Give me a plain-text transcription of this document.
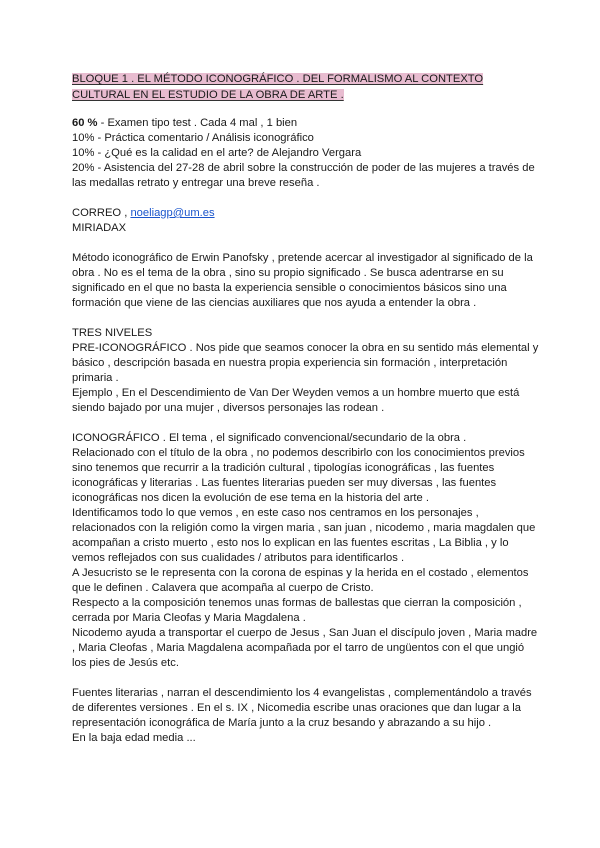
BLOQUE 1 . EL MÉTODO ICONOGRÁFICO . DEL FORMALISMO AL CONTEXTO CULTURAL EN EL ESTUDIO DE LA OBRA DE ARTE .

60 % - Examen tipo test . Cada 4 mal , 1 bien

10% - Práctica comentario / Análisis iconográfico

10% - ¿Qué es la calidad en el arte? de Alejandro Vergara

20% - Asistencia del 27-28 de abril sobre la construcción de poder de las mujeres a través de las medallas retrato y entregar una breve reseña .

CORREO , noeliagp@um.es

MIRIADAX

Método iconográfico de Erwin Panofsky , pretende acercar al investigador al significado de la obra . No es el tema de la obra , sino su propio significado . Se busca adentrarse en su significado en el que no basta la experiencia sensible o conocimientos básicos sino una formación que viene de las ciencias auxiliares que nos ayuda a entender la obra .

TRES NIVELES

PRE-ICONOGRÁFICO . Nos pide que seamos conocer la obra en su sentido más elemental y básico , descripción basada en nuestra propia experiencia sin formación , interpretación primaria .

Ejemplo , En el Descendimiento de Van Der Weyden vemos a un hombre muerto que está siendo bajado por una mujer , diversos personajes las rodean .

ICONOGRÁFICO . El tema , el significado convencional/secundario de la obra .

Relacionado con el título de la obra , no podemos describirlo con los conocimientos previos sino tenemos que recurrir a la tradición cultural , tipologías iconográficas , las fuentes iconográficas y literarias . Las fuentes literarias pueden ser muy diversas , las fuentes iconográficas nos dicen la evolución de ese tema en la historia del arte .

Identificamos todo lo que vemos , en este caso nos centramos en los personajes , relacionados con la religión como la virgen maria , san juan , nicodemo , maria magdalen que acompañan a cristo muerto , esto nos lo explican en las fuentes escritas , La Biblia , y lo vemos reflejados con sus cualidades / atributos para identificarlos .

A Jesucristo se le representa con la corona de espinas y la herida en el costado , elementos que le definen . Calavera que acompaña al cuerpo de Cristo.

Respecto a la composición tenemos unas formas de ballestas que cierran la composición , cerrada por Maria Cleofas y Maria Magdalena .

Nicodemo ayuda a transportar el cuerpo de Jesus , San Juan el discípulo joven , Maria madre , Maria Cleofas , Maria Magdalena acompañada por el tarro de ungüentos con el que ungió los pies de Jesús etc.

Fuentes literarias , narran el descendimiento los 4 evangelistas , complementándolo a través de diferentes versiones . En el s. IX , Nicomedia escribe unas oraciones que dan lugar a la representación iconográfica de María junto a la cruz besando y abrazando a su hijo .

En la baja edad media ...
